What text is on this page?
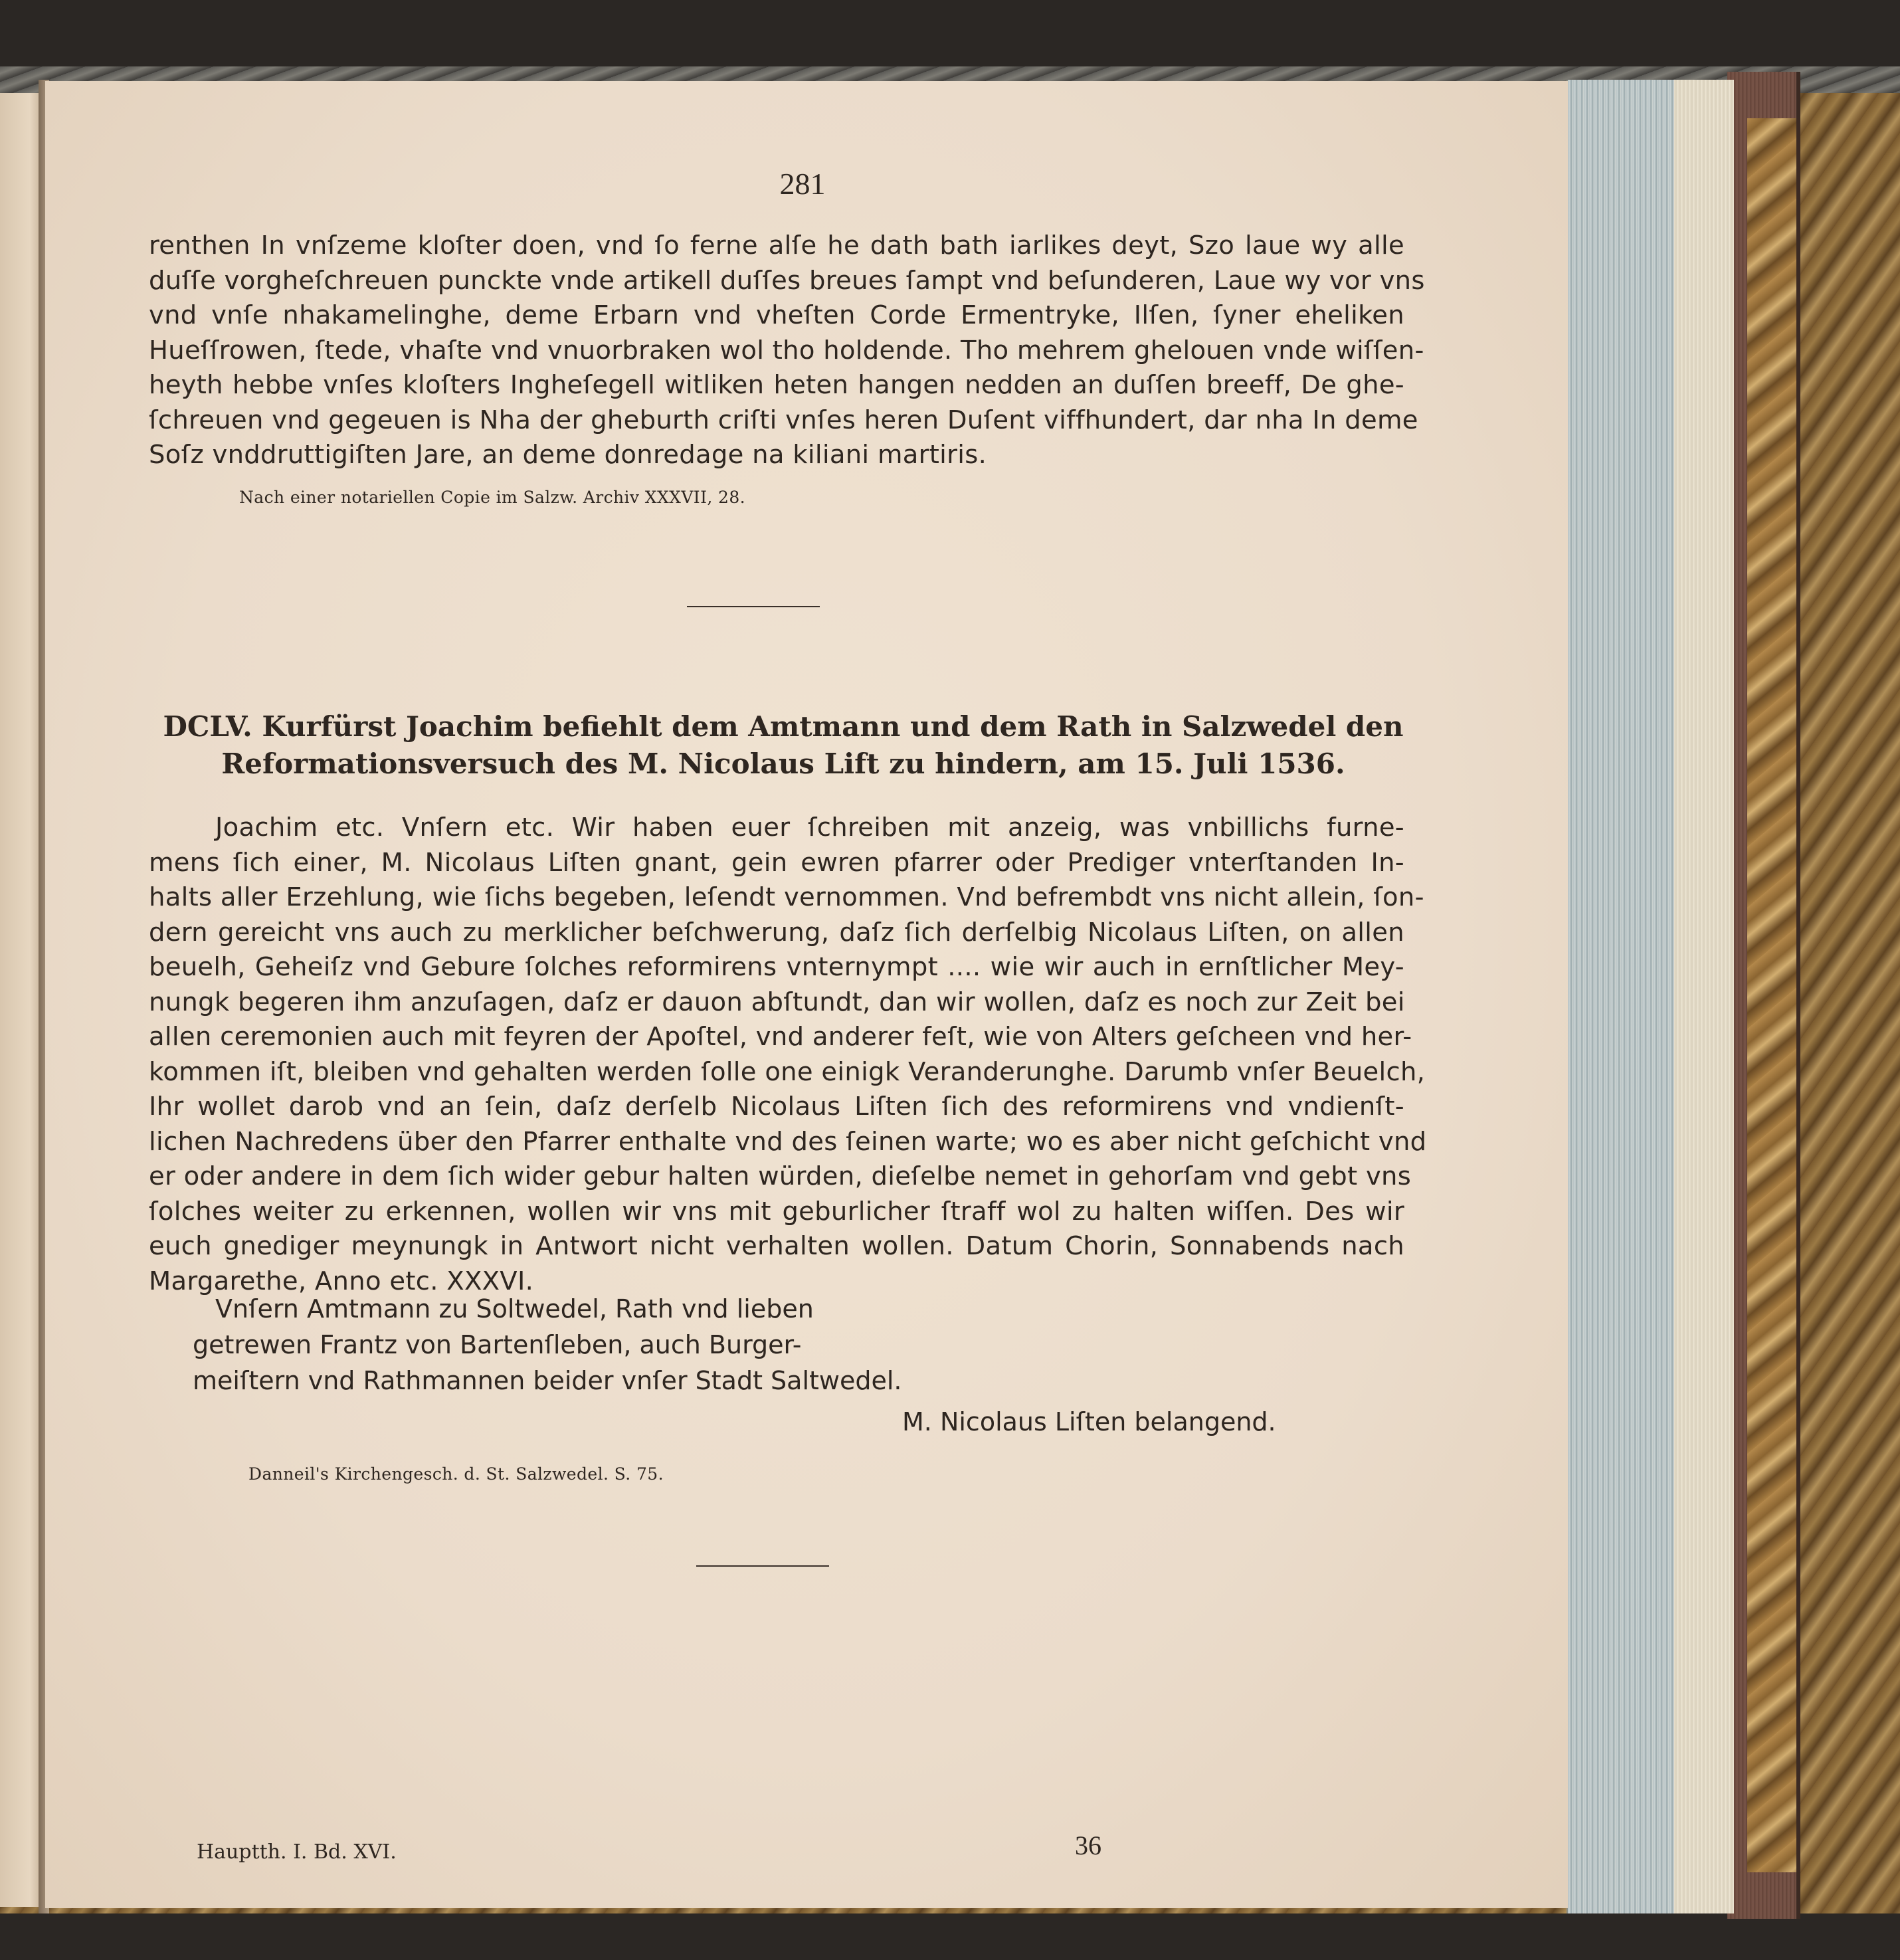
281
renthen In vnſzeme kloſter doen, vnd ſo ferne alſe he dath bath iarlikes deyt, Szo laue wy alle
duſſe vorgheſchreuen punckte vnde artikell duſſes breues ſampt vnd beſunderen, Laue wy vor vns
vnd vnſe nhakamelinghe, deme Erbarn vnd vheſten Corde Ermentryke, Ilſen, ſyner eheliken
Hueſſrowen, ſtede, vhaſte vnd vnuorbraken wol tho holdende. Tho mehrem ghelouen vnde wiſſen-
heyth hebbe vnſes kloſters Ingheſegell witliken heten hangen nedden an duſſen breeff, De ghe-
ſchreuen vnd gegeuen is Nha der gheburth criſti vnſes heren Duſent viffhundert, dar nha In deme
Soſz vnddruttigiſten Jare, an deme donredage na kiliani martiris.
Nach einer notariellen Copie im Salzw. Archiv XXXVII, 28.
DCLV. Kurfürst Joachim befiehlt dem Amtmann und dem Rath in Salzwedel den
Reformationsversuch des M. Nicolaus Lift zu hindern, am 15. Juli 1536.
Joachim etc. Vnſern etc. Wir haben euer ſchreiben mit anzeig, was vnbillichs furne-
mens ſich einer, M. Nicolaus Liſten gnant, gein ewren pfarrer oder Prediger vnterſtanden In-
halts aller Erzehlung, wie ſichs begeben, leſendt vernommen. Vnd befrembdt vns nicht allein, ſon-
dern gereicht vns auch zu merklicher beſchwerung, daſz ſich derſelbig Nicolaus Liſten, on allen
beuelh, Geheiſz vnd Gebure ſolches reformirens vnternympt .... wie wir auch in ernſtlicher Mey-
nungk begeren ihm anzuſagen, daſz er dauon abſtundt, dan wir wollen, daſz es noch zur Zeit bei
allen ceremonien auch mit feyren der Apoſtel, vnd anderer feſt, wie von Alters geſcheen vnd her-
kommen iſt, bleiben vnd gehalten werden ſolle one einigk Veranderunghe. Darumb vnſer Beuelch,
Ihr wollet darob vnd an ſein, daſz derſelb Nicolaus Liſten ſich des reformirens vnd vndienſt-
lichen Nachredens über den Pfarrer enthalte vnd des ſeinen warte; wo es aber nicht geſchicht vnd
er oder andere in dem ſich wider gebur halten würden, dieſelbe nemet in gehorſam vnd gebt vns
ſolches weiter zu erkennen, wollen wir vns mit geburlicher ſtraff wol zu halten wiſſen. Des wir
euch gnediger meynungk in Antwort nicht verhalten wollen. Datum Chorin, Sonnabends nach
Margarethe, Anno etc. XXXVI.
Vnſern Amtmann zu Soltwedel, Rath vnd lieben
getrewen Frantz von Bartenſleben, auch Burger-
meiſtern vnd Rathmannen beider vnſer Stadt Saltwedel.
M. Nicolaus Liſten belangend.
Danneil's Kirchengesch. d. St. Salzwedel. S. 75.
Hauptth. I. Bd. XVI.	36
